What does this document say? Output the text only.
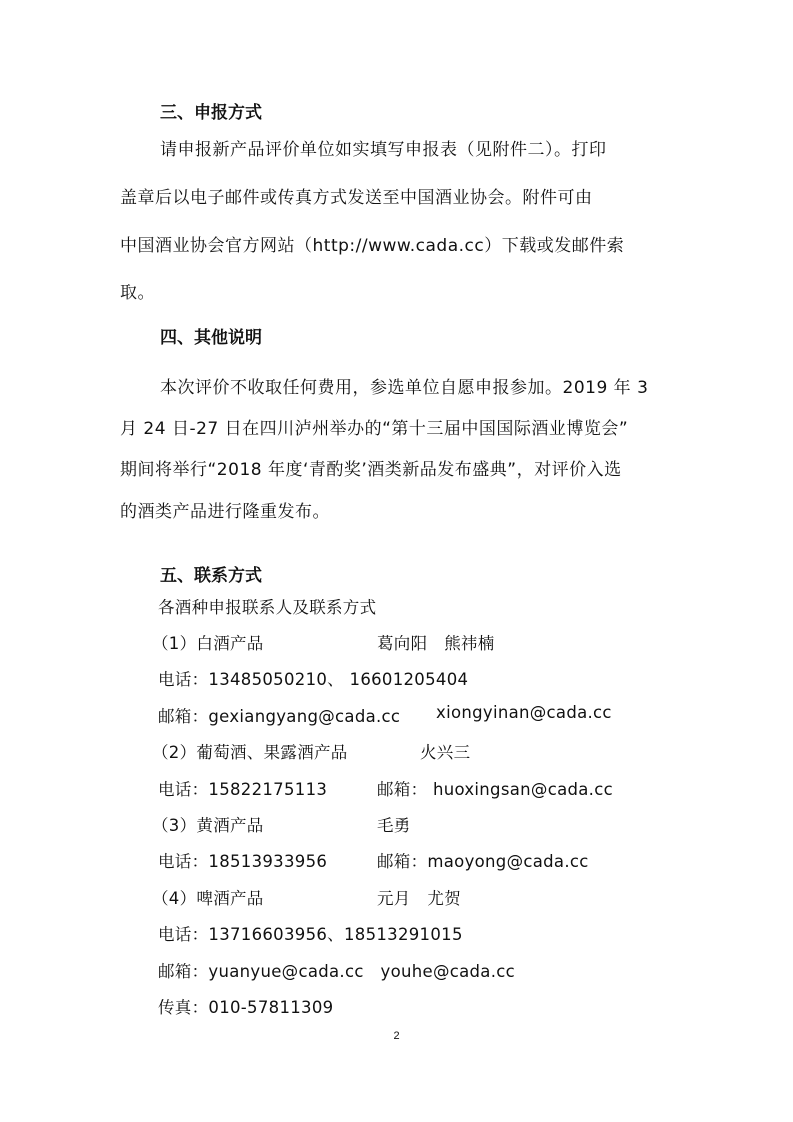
三、申报方式
请申报新产品评价单位如实填写申报表（见附件二）。打印
盖章后以电子邮件或传真方式发送至中国酒业协会。附件可由
中国酒业协会官方网站（http://www.cada.cc）下载或发邮件索
取。
四、其他说明
本次评价不收取任何费用，参选单位自愿申报参加。2019 年 3
月 24 日-27 日在四川泸州举办的“第十三届中国国际酒业博览会”
期间将举行“2018 年度‘青酌奖’酒类新品发布盛典”，对评价入选
的酒类产品进行隆重发布。
五、联系方式
各酒种申报联系人及联系方式
（1）白酒产品	葛向阳　熊祎楠
电话：13485050210、 16601205404
邮箱：gexiangyang@cada.cc xiongyinan@cada.cc
（2）葡萄酒、果露酒产品	火兴三
电话：15822175113	邮箱： huoxingsan@cada.cc
（3）黄酒产品	毛勇
电话：18513933956	邮箱：maoyong@cada.cc
（4）啤酒产品	元月　尤贺
电话：13716603956、18513291015
邮箱：yuanyue@cada.cc　youhe@cada.cc
传真：010-57811309
2
